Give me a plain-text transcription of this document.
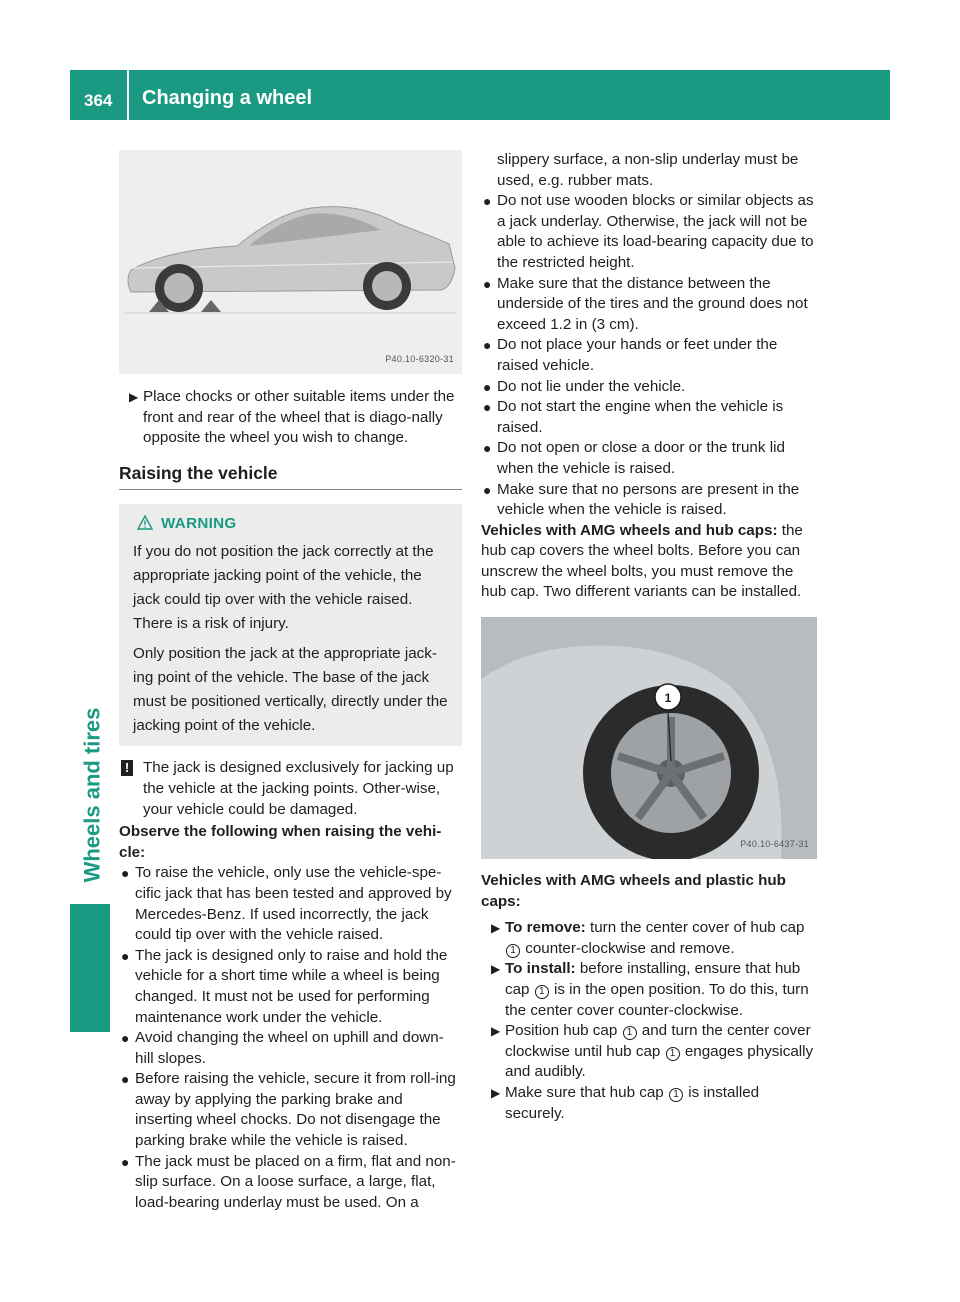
364 Changing a wheel
Wheels and tires
P40.10-6320-31
▶ Place chocks or other suitable items under the front and rear of the wheel that is diago-nally opposite the wheel you wish to change.
Raising the vehicle
WARNING

If you do not position the jack correctly at the appropriate jacking point of the vehicle, the jack could tip over with the vehicle raised. There is a risk of injury.

Only position the jack at the appropriate jack-ing point of the vehicle. The base of the jack must be positioned vertically, directly under the jacking point of the vehicle.

! The jack is designed exclusively for jacking up the vehicle at the jacking points. Other-wise, your vehicle could be damaged.
Observe the following when raising the vehi-cle:
● To raise the vehicle, only use the vehicle-spe-cific jack that has been tested and approved by Mercedes-Benz. If used incorrectly, the jack could tip over with the vehicle raised.
● The jack is designed only to raise and hold the vehicle for a short time while a wheel is being changed. It must not be used for performing maintenance work under the vehicle.
● Avoid changing the wheel on uphill and down-hill slopes.
● Before raising the vehicle, secure it from roll-ing away by applying the parking brake and inserting wheel chocks. Do not disengage the parking brake while the vehicle is raised.
● The jack must be placed on a firm, flat and non-slip surface. On a loose surface, a large, flat, load-bearing underlay must be used. On a
slippery surface, a non-slip underlay must be used, e.g. rubber mats.
● Do not use wooden blocks or similar objects as a jack underlay. Otherwise, the jack will not be able to achieve its load-bearing capacity due to the restricted height.
● Make sure that the distance between the underside of the tires and the ground does not exceed 1.2 in (3 cm).
● Do not place your hands or feet under the raised vehicle.
● Do not lie under the vehicle.
● Do not start the engine when the vehicle is raised.
● Do not open or close a door or the trunk lid when the vehicle is raised.
● Make sure that no persons are present in the vehicle when the vehicle is raised.
Vehicles with AMG wheels and hub caps: the hub cap covers the wheel bolts. Before you can unscrew the wheel bolts, you must remove the hub cap. Two different variants can be installed.
1
P40.10-6437-31
Vehicles with AMG wheels and plastic hub caps:
▶ To remove: turn the center cover of hub cap 1 counter-clockwise and remove.
▶ To install: before installing, ensure that hub cap 1 is in the open position. To do this, turn the center cover counter-clockwise.
▶ Position hub cap 1 and turn the center cover clockwise until hub cap 1 engages physically and audibly.
▶ Make sure that hub cap 1 is installed securely.
